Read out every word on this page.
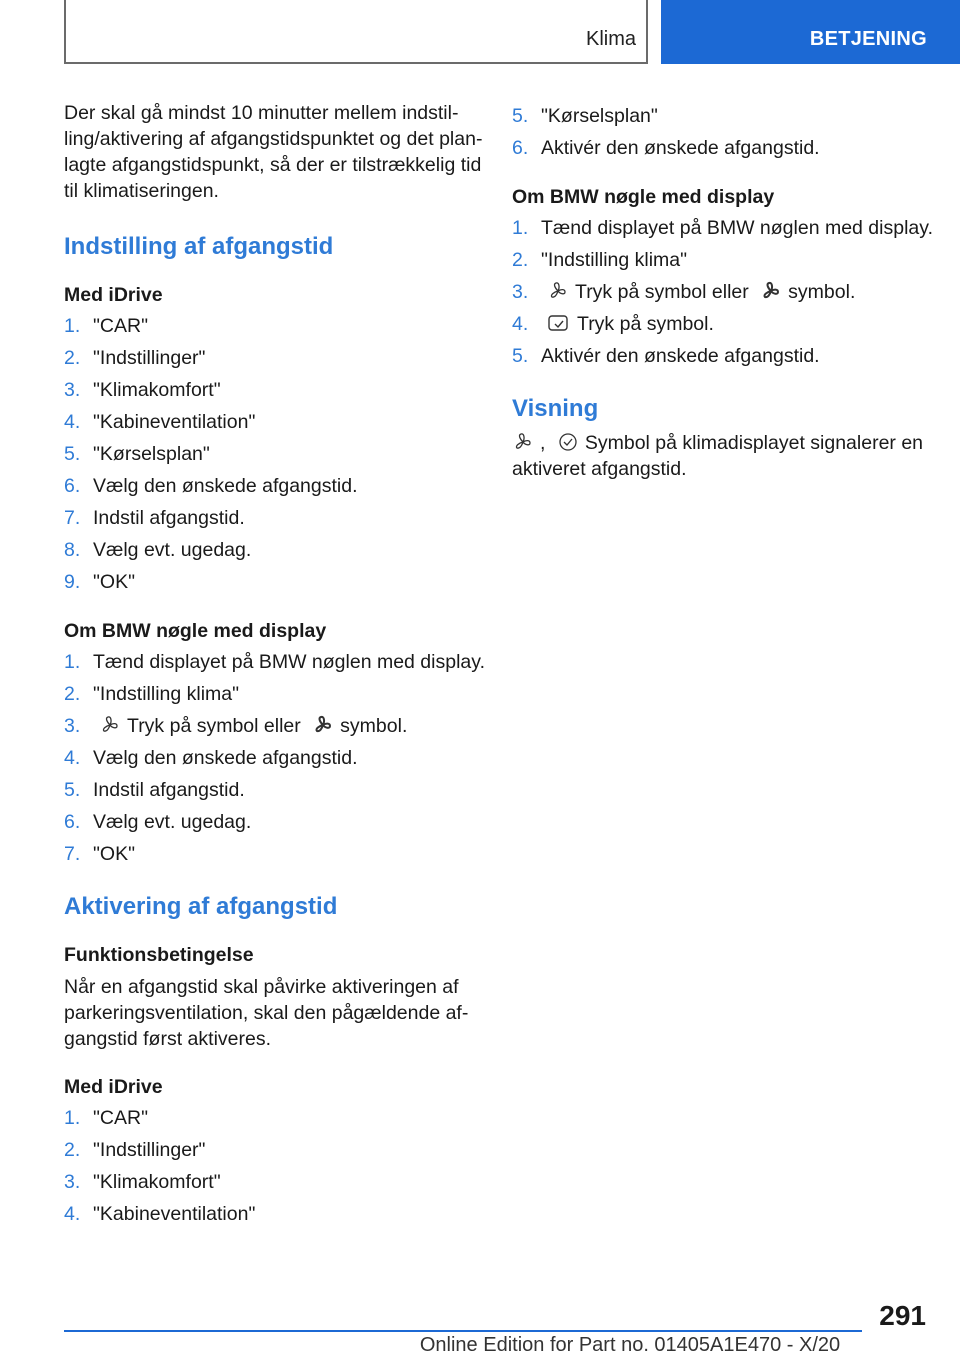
Klima	BETJENING

Der skal gå mindst 10 minutter mellem indstil-
ling/aktivering af afgangstidspunktet og det plan-
lagte afgangstidspunkt, så der er tilstrækkelig tid
til klimatiseringen.

Indstilling af afgangstid
Med iDrive
1. "CAR"
2. "Indstillinger"
3. "Klimakomfort"
4. "Kabineventilation"
5. "Kørselsplan"
6. Vælg den ønskede afgangstid.
7. Indstil afgangstid.
8. Vælg evt. ugedag.
9. "OK"
Om BMW nøgle med display
1. Tænd displayet på BMW nøglen med display.
2. "Indstilling klima"
3. Tryk på symbol eller symbol.
4. Vælg den ønskede afgangstid.
5. Indstil afgangstid.
6. Vælg evt. ugedag.
7. "OK"
Aktivering af afgangstid
Funktionsbetingelse

Når en afgangstid skal påvirke aktiveringen af
parkeringsventilation, skal den pågældende af-
gangstid først aktiveres.

Med iDrive
1. "CAR"
2. "Indstillinger"
3. "Klimakomfort"
4. "Kabineventilation"
5. "Kørselsplan"
6. Aktivér den ønskede afgangstid.
Om BMW nøgle med display
1. Tænd displayet på BMW nøglen med display.
2. "Indstilling klima"
3. Tryk på symbol eller symbol.
4. Tryk på symbol.
5. Aktivér den ønskede afgangstid.
Visning

, Symbol på klimadisplayet signalerer en
aktiveret afgangstid.

291
Online Edition for Part no. 01405A1E470 - X/20
